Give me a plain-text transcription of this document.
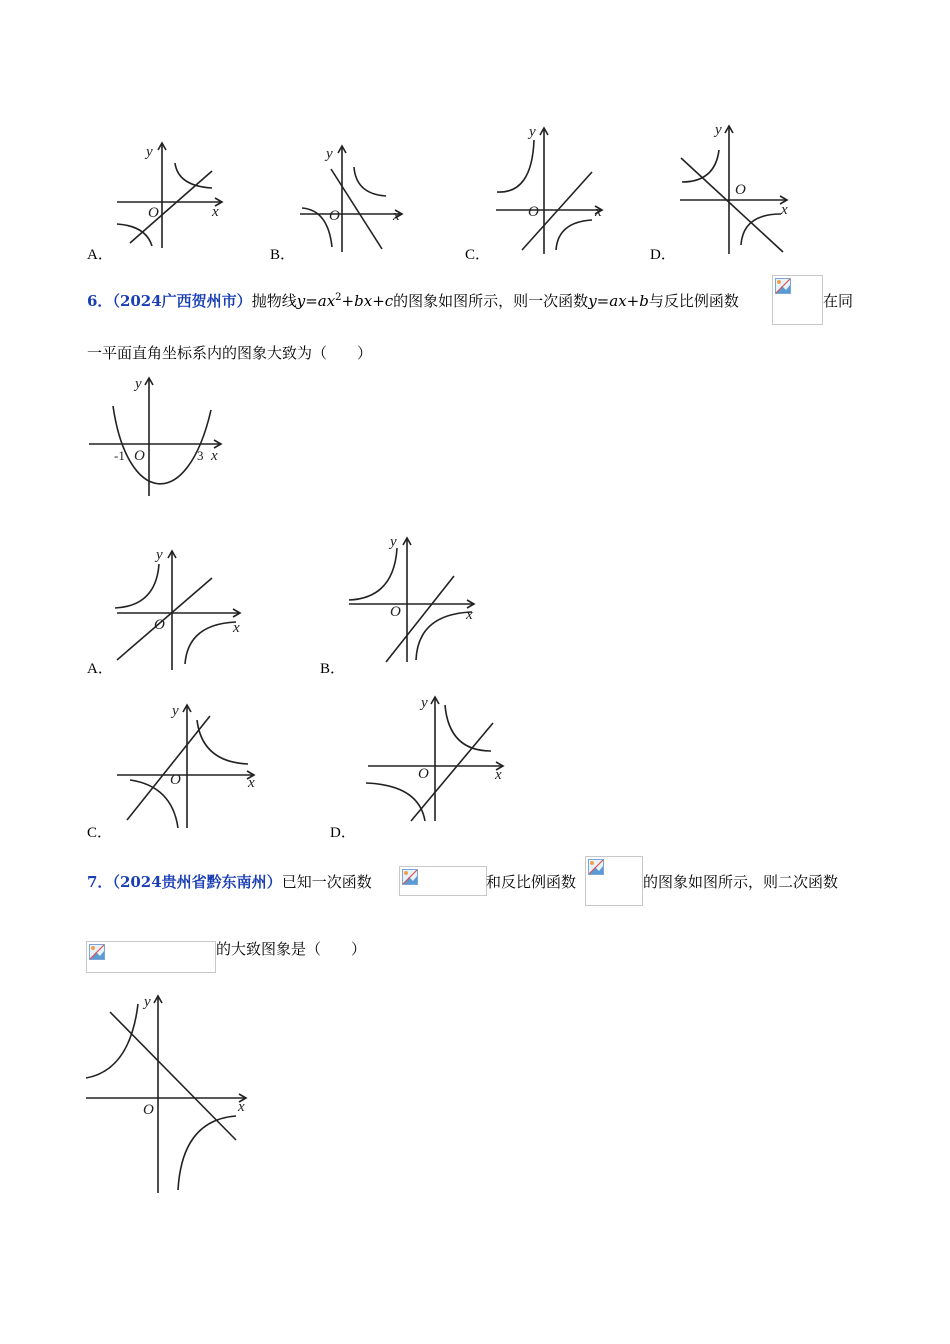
y
x
O
A．
y
x
O
B．
y
x
O
C．
y
x
O
D．
6．（2024广西贺州市）抛物线$y=ax^2+bx+c$的图象如图所示，则一次函数y=ax+b与反比例函数	在同
一平面直角坐标系内的图象大致为（　　）
y
-1 O	3 x
y
x
O
A．
y
x
O
B．
y
x
O
C．
y
x
O
D．
7．（2024贵州省黔东南州）已知一次函数	和反比例函数	的图象如图所示，则二次函数
的大致图象是（　　）
y
x
O
